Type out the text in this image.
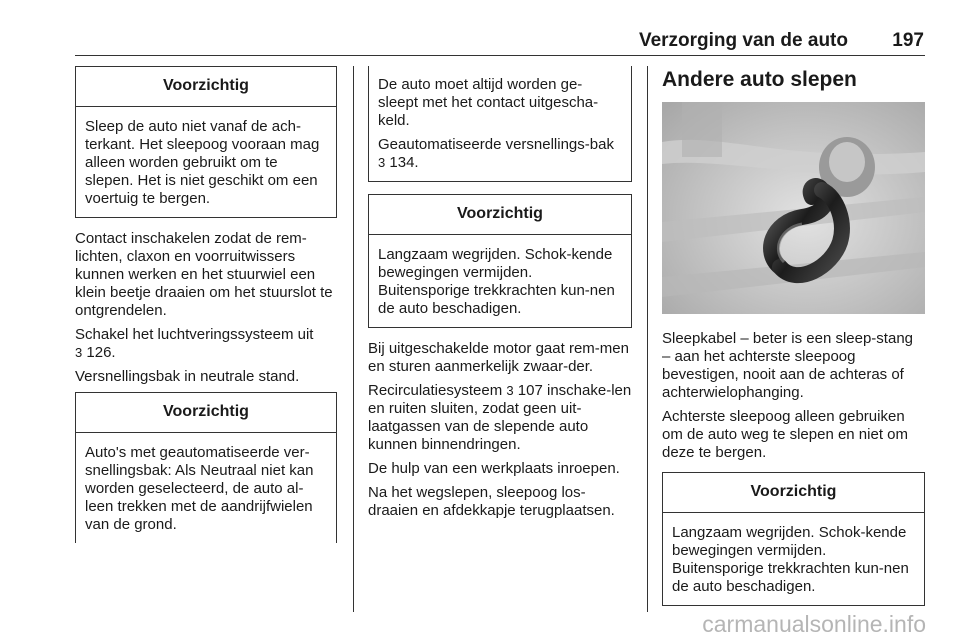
Verzorging van de auto 197
Voorzichtig

Sleep de auto niet vanaf de ach-terkant. Het sleepoog vooraan mag alleen worden gebruikt om te slepen. Het is niet geschikt om een voertuig te bergen.

Contact inschakelen zodat de rem-lichten, claxon en voorruitwissers kunnen werken en het stuurwiel een klein beetje draaien om het stuurslot te ontgrendelen.

Schakel het luchtveringssysteem uit
3 126.

Versnellingsbak in neutrale stand.

Voorzichtig

Auto's met geautomatiseerde ver-snellingsbak: Als Neutraal niet kan worden geselecteerd, de auto al-leen trekken met de aandrijfwielen van de grond.

De auto moet altijd worden ge-sleept met het contact uitgescha-keld.

Geautomatiseerde versnellings-bak 3 134.

Voorzichtig

Langzaam wegrijden. Schok-kende bewegingen vermijden. Buitensporige trekkrachten kun-nen de auto beschadigen.

Bij uitgeschakelde motor gaat rem-men en sturen aanmerkelijk zwaar-der.

Recirculatiesysteem 3 107 inschake-len en ruiten sluiten, zodat geen uit-laatgassen van de slepende auto kunnen binnendringen.

De hulp van een werkplaats inroepen.

Na het wegslepen, sleepoog los-draaien en afdekkapje terugplaatsen.

Andere auto slepen

Sleepkabel – beter is een sleep-stang – aan het achterste sleepoog bevestigen, nooit aan de achteras of achterwielophanging.

Achterste sleepoog alleen gebruiken om de auto weg te slepen en niet om deze te bergen.

Voorzichtig

Langzaam wegrijden. Schok-kende bewegingen vermijden. Buitensporige trekkrachten kun-nen de auto beschadigen.

carmanualsonline.info
